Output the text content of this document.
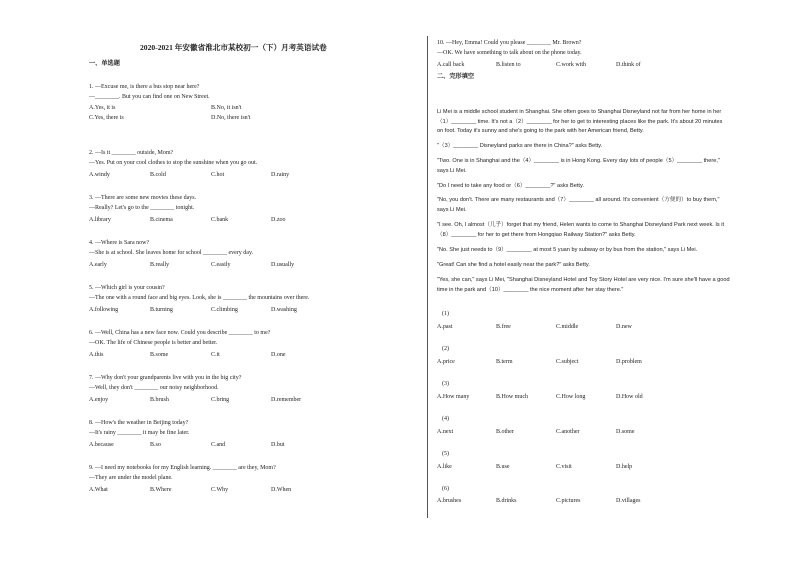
2020-2021 年安徽省淮北市某校初一（下）月考英语试卷
一、单选题
1. —Excuse me, is there a bus stop near here?
—________. But you can find one on New Street.
A.Yes, it is	B.No, it isn't
C.Yes, there is	D.No, there isn't
2. —Is it ________ outside, Mom?
—Yes. Put on your cool clothes to stop the sunshine when you go out.
A.windy	B.cold	C.hot	D.rainy
3. —There are some new movies these days.
—Really? Let's go to the ________ tonight.
A.library	B.cinema	C.bank	D.zoo
4. —Where is Sara now?
—She is at school. She leaves home for school ________ every day.
A.early	B.really	C.easily	D.usually
5. —Which girl is your cousin?
—The one with a round face and big eyes. Look, she is ________ the mountains over there.
A.following	B.turning	C.climbing	D.washing
6. —Well, China has a new face now. Could you describe ________ to me?
—OK. The life of Chinese people is better and better.
A.this	B.some	C.it	D.one
7. —Why don't your grandparents live with you in the big city?
—Well, they don't ________ our noisy neighborhood.
A.enjoy	B.brush	C.bring	D.remember
8. —How's the weather in Beijing today?
—It's rainy ________ it may be fine later.
A.because	B.so	C.and	D.but
9. —I need my notebooks for my English learning. ________ are they, Mom?
—They are under the model plane.
A.What	B.Where	C.Why	D.When
10. —Hey, Emma! Could you please ________ Mr. Brown?
—OK. We have something to talk about on the phone today.
A.call back	B.listen to	C.work with	D.think of
二、完形填空
Li Mei is a middle school student in Shanghai. She often goes to Shanghai Disneyland not far from her home in her
（1）________ time. It's not a（2）________ for her to get to interesting places like the park. It's about 20 minutes
on foot. Today it's sunny and she's going to the park with her American friend, Betty.
"（3）________ Disneyland parks are there in China?" asks Betty.
"Two. One is in Shanghai and the（4）________ is in Hong Kong. Every day lots of people（5）________ there,"
says Li Mei.
"Do I need to take any food or（6）________?" asks Betty.
"No, you don't. There are many restaurants and（7）________ all around. It's convenient（方便的）to buy them,"
says Li Mei.
"I see. Oh, I almost（几乎）forget that my friend, Helen wants to come to Shanghai Disneyland Park next week. Is it
（8）________ for her to get there from Hongqiao Railway Station?" asks Betty.
"No. She just needs to（9）________ at most 5 yuan by subway or by bus from the station," says Li Mei.
"Great! Can she find a hotel easily near the park?" asks Betty.
"Yes, she can," says Li Mei, "Shanghai Disneyland Hotel and Toy Story Hotel are very nice. I'm sure she'll have a good
time in the park and（10）________ the nice moment after her stay there."
(1)
A.past	B.free	C.middle	D.new
(2)
A.price	B.term	C.subject	D.problem
(3)
A.How many	B.How much	C.How long	D.How old
(4)
A.next	B.other	C.another	D.some
(5)
A.like	B.use	C.visit	D.help
(6)
A.brushes	B.drinks	C.pictures	D.villages
